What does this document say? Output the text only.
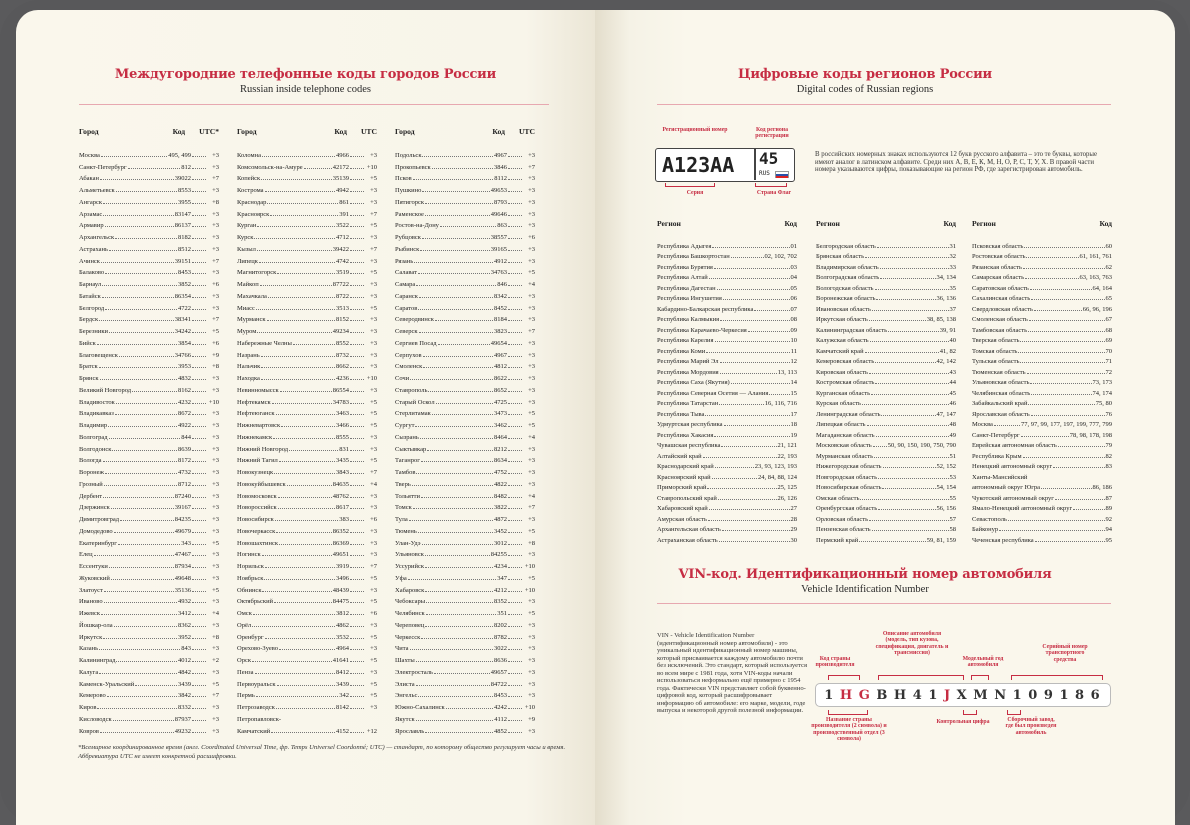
Междугородние телефонные коды городов России
Russian inside telephone codes
Город	Код UTC*
Москва	495, 499	+3
Санкт-Петербург	812	+3
Абакан	39022	+7
Альметьевск	8553	+3
Ангарск	3955	+8
Арзамас	83147	+3
Армавир	86137	+3
Архангельск	8182	+3
Астрахань	8512	+3
Ачинск	39151	+7
Балаково	8453	+3
Барнаул	3852	+6
Батайск	86354	+3
Белгород	4722	+3
Бердск	38341	+7
Березники	34242	+5
Бийск	3854	+6
Благовещенск	34766	+9
Братск	3953	+8
Брянск	4832	+3
Великий Новгород	8162	+3
Владивосток	4232	+10
Владикавказ	8672	+3
Владимир	4922	+3
Волгоград	844	+3
Волгодонск	8639	+3
Вологда	8172	+3
Воронеж	4732	+3
Грозный	8712	+3
Дербент	87240	+3
Дзержинск	39167	+3
Димитровград	84235	+3
Домодедово	49679	+3
Екатеринбург	343	+5
Елец	47467	+3
Ессентуки	87934	+3
Жуковский	49648	+3
Златоуст	35136	+5
Иваново	4932	+3
Ижевск	3412	+4
Йошкар-ола	8362	+3
Иркутск	3952	+8
Казань	843	+3
Калининград	4012	+2
Калуга	4842	+3
Каменск-Уральский	3439	+5
Кемерово	3842	+7
Киров	8332	+3
Кисловодск	87937	+3
Ковров	49232	+3
Город	Код UTC
Коломна	4966	+3
Комсомольск-на-Амуре	42172	+10
Копейск	35139	+5
Кострома	4942	+3
Краснодар	861	+3
Красноярск	391	+7
Курган	3522	+5
Курск	4712	+3
Кызыл	39422	+7
Липецк	4742	+3
Магнитогорск	3519	+5
Майкоп	87722	+3
Махачкала	8722	+3
Миасс	3513	+5
Мурманск	8152	+3
Муром	49234	+3
Набережные Челны	8552	+3
Назрань	8732	+3
Нальчик	8662	+3
Находка	4236	+10
Невинномысск	86554	+3
Нефтекамск	34783	+5
Нефтеюганск	3463	+5
Нижневартовск	3466	+5
Нижнекамск	8555	+3
Нижний Новгород	831	+3
Нижний Тагил	3435	+5
Новокузнецк	3843	+7
Новокуйбышевск	84635	+4
Новомосковск	48762	+3
Новороссийск	8617	+3
Новосибирск	383	+6
Новочеркасск	86352	+3
Новошахтинск	86369	+3
Ногинск	49651	+3
Норильск	3919	+7
Ноябрьск	3496	+5
Обнинск	48439	+3
Октябрьский	84475	+5
Омск	3812	+6
Орёл	4862	+3
Оренбург	3532	+5
Орехово-Зуево	4964	+3
Орск	41641	+5
Пенза	8412	+3
Первоуральск	3439	+5
Пермь	342	+5
Петрозаводск	8142	+3
Петропавловск-
Камчатский	4152	+12
Город	Код UTC
Подольск	4967	+3
Прокопьевск	3846	+7
Псков	8112	+3
Пушкино	49653	+3
Пятигорск	8793	+3
Раменское	49646	+3
Ростов-на-Дону	863	+3
Рубцовск	38557	+6
Рыбинск	39165	+3
Рязань	4912	+3
Салават	34763	+5
Самара	846	+4
Саранск	8342	+3
Саратов	8452	+3
Северодвинск	8184	+3
Северск	3823	+7
Сергиев Посад	49654	+3
Серпухов	4967	+3
Смоленск	4812	+3
Сочи	8622	+3
Ставрополь	8652	+3
Старый Оскол	4725	+3
Стерлитамак	3473	+5
Сургут	3462	+5
Сызрань	8464	+4
Сыктывкар	8212	+3
Таганрог	8634	+3
Тамбов	4752	+3
Тверь	4822	+3
Тольятти	8482	+4
Томск	3822	+7
Тула	4872	+3
Тюмень	3452	+5
Улан-Удэ	3012	+8
Ульяновск	84255	+3
Уссурийск	4234	+10
Уфа	347	+5
Хабаровск	4212	+10
Чебоксары	8352	+3
Челябинск	351	+5
Череповец	8202	+3
Черкесск	8782	+3
Чита	3022	+3
Шахты	8636	+3
Электросталь	49657	+3
Элиста	84722	+3
Энгельс	8453	+3
Южно-Сахалинск	4242	+10
Якутск	4112	+9
Ярославль	4852	+3
*Всемирное координированное время (англ. Coordinated Universal Time, фр. Temps Universel Coordonné; UTC) — стандарт, по которому общество регулирует часы и время. Аббревиатура UTC не имеет конкретной расшифровки.
Цифровые коды регионов России
Digital codes of Russian regions
Регистрационный номер	Код региона регистрации
А123АА 45
RUS
Серия	Страна Флаг
В российских номерных знаках используются 12 букв русского алфавита – это те буквы, которые имеют аналог в латинском алфавите. Среди них А, В, Е, К, М, Н, О, Р, С, Т, У, Х. В правой части номера указываются цифры, показывающие на регион РФ, где зарегистрирован автомобиль.
Регион	Код
Республика Адыгея	01
Республика Башкортостан	02, 102, 702
Республика Бурятия	03
Республика Алтай	04
Республика Дагестан	05
Республика Ингушетия	06
Кабардино-Балкарская республика	07
Республика Калмыкия	08
Республика Карачаево-Черкесия	09
Республика Карелия	10
Республика Коми	11
Республика Марий Эл	12
Республика Мордовия	13, 113
Республика Саха (Якутия)	14
Республика Северная Осетия — Алания	15
Республика Татарстан	16, 116, 716
Республика Тыва	17
Удмуртская республика	18
Республика Хакасия	19
Чувашская республика	21, 121
Алтайский край	22, 193
Краснодарский край	23, 93, 123, 193
Красноярский край	24, 84, 88, 124
Приморский край	25, 125
Ставропольский край	26, 126
Хабаровский край	27
Амурская область	28
Архангельская область	29
Астраханская область	30
Регион	Код
Белгородская область	31
Брянская область	32
Владимирская область	33
Волгоградская область	34, 134
Вологодская область	35
Воронежская область	36, 136
Ивановская область	37
Иркутская область	38, 85, 138
Калининградская область	39, 91
Калужская область	40
Камчатский край	41, 82
Кемеровская область	42, 142
Кировская область	43
Костромская область	44
Курганская область	45
Курская область	46
Ленинградская область	47, 147
Липецкая область	48
Магаданская область	49
Московская область 50, 90, 150, 190, 750, 790
Мурманская область	51
Нижегородская область	52, 152
Новгородская область	53
Новосибирская область	54, 154
Омская область	55
Оренбургская область	56, 156
Орловская область	57
Пензенская область	58
Пермский край	59, 81, 159
Регион	Код
Псковская область	60
Ростовская область	61, 161, 761
Рязанская область	62
Самарская область	63, 163, 763
Саратовская область	64, 164
Сахалинская область	65
Свердловская область	66, 96, 196
Смоленская область	67
Тамбовская область	68
Тверская область	69
Томская область	70
Тульская область	71
Тюменская область	72
Ульяновская область	73, 173
Челябинская область	74, 174
Забайкальский край	75, 80
Ярославская область	76
Москва	77, 97, 99, 177, 197, 199, 777, 799
Санкт-Петербург	78, 98, 178, 198
Еврейская автономная область	79
Республика Крым	82
Ненецкий автономный округ	83
Ханты-Мансийский
автономный округ Югра	86, 186
Чукотский автономный округ	87
Ямало-Ненецкий автономный округ	89
Севастополь	92
Байконур	94
Чеченская республика	95
VIN-код. Идентификационный номер автомобиля
Vehicle Identification Number
VIN - Vehicle Identification Number (идентификационный номер автомобиля) - это уникальный идентификационный номер машины, который присваивается каждому автомобилю почти без исключений. Это стандарт, который используется во всем мире с 1981 года, хотя VIN-коды начали использоваться неформально ещё примерно с 1954 года. Фактически VIN представляет собой буквенно-цифровой код, который расшифровывает информацию об автомобиле: его марке, модели, годе выпуска и некоторой другой полезной информации.
Код страны производителя
Описание автомобиля (модель, тип кузова, спецификация, двигатель и трансмиссия)
Модельный год автомобиля
Серийный номер транспортного средства
1 H G B H 4 1 J X M N 1 0 9 1 8 6
Название страны производителя (2 символа) и производственный отдел (3 символа)
Контрольная цифра	Сборочный завод, где был произведен автомобиль
